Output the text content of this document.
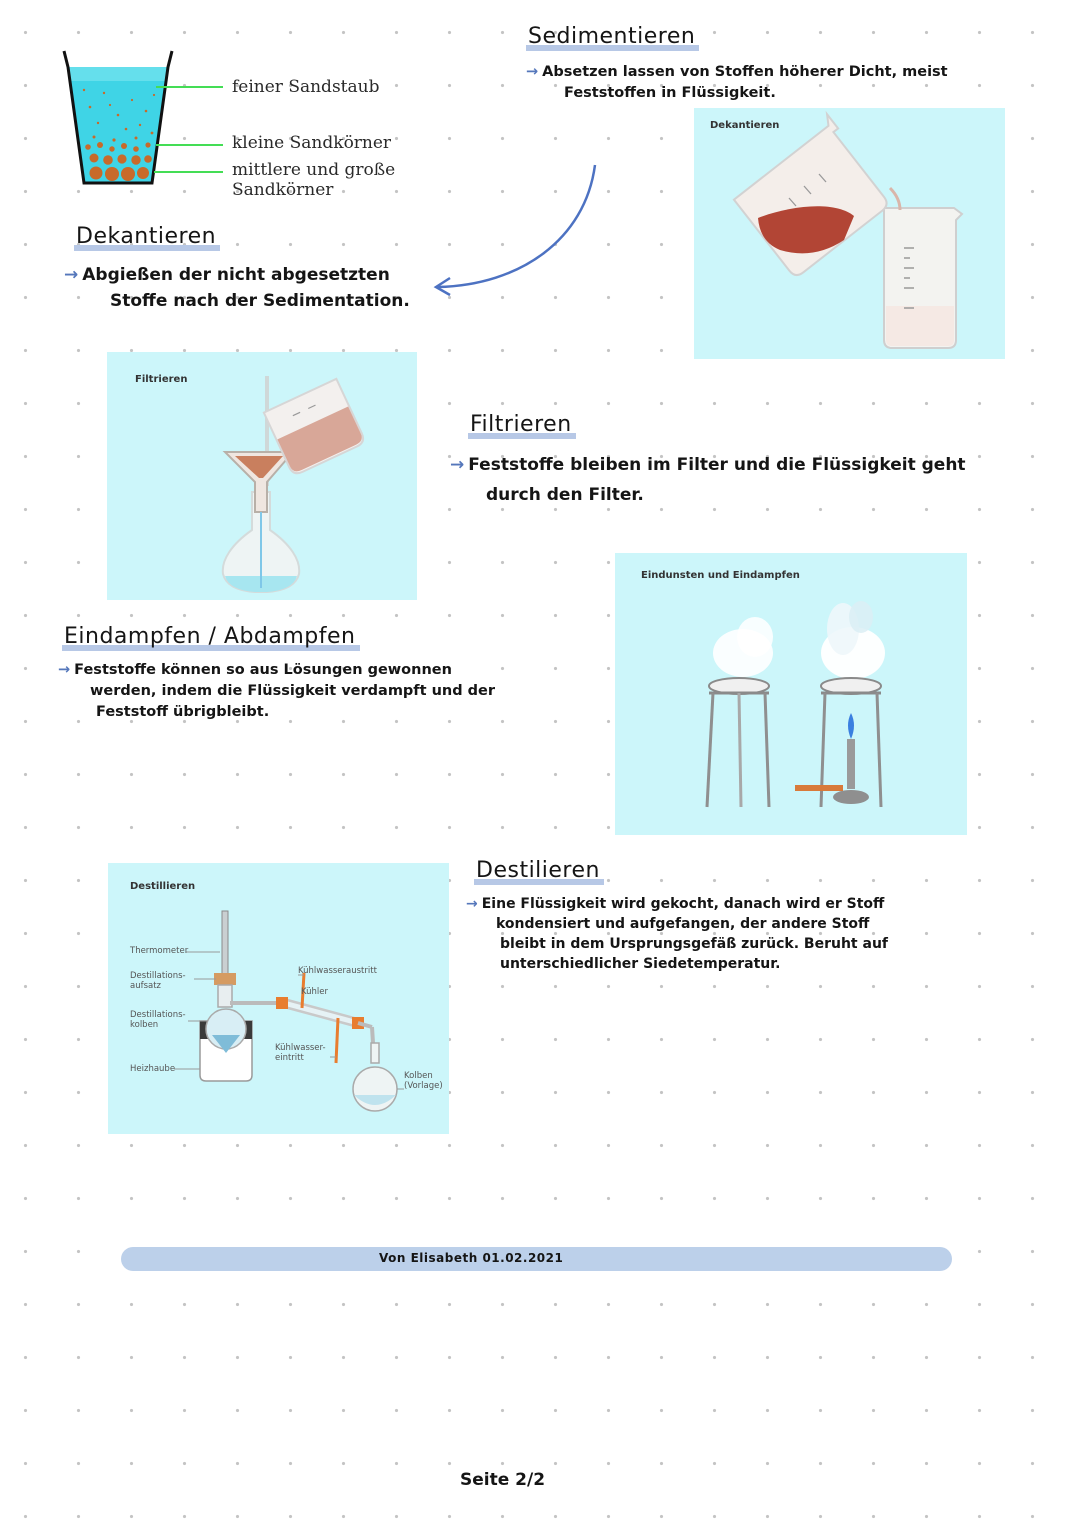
feiner Sandstaub
kleine Sandkörner
mittlere und große Sandkörner
Sedimentieren
→ Absetzen lassen von Stoffen höherer Dicht, meist
Feststoffen in Flüssigkeit.
Dekantieren
Dekantieren
→ Abgießen der nicht abgesetzten
Stoffe nach der Sedimentation.
Filtrieren
Filtrieren
→ Feststoffe bleiben im Filter und die Flüssigkeit geht
durch den Filter.
Eindunsten und Eindampfen
Eindampfen / Abdampfen
→ Feststoffe können so aus Lösungen gewonnen
werden, indem die Flüssigkeit verdampft und der
Feststoff übrigbleibt.
Destillieren
Thermometer
Destillations-
aufsatz
Destillations-
kolben
Heizhaube
Kühlwasseraustritt
Kühler
Kühlwasser-
eintritt
Kolben
(Vorlage)
Destilieren
→ Eine Flüssigkeit wird gekocht, danach wird er Stoff
kondensiert und aufgefangen, der andere Stoff
bleibt in dem Ursprungsgefäß zurück. Beruht auf
unterschiedlicher Siedetemperatur.
Von Elisabeth 01.02.2021
Seite 2/2
